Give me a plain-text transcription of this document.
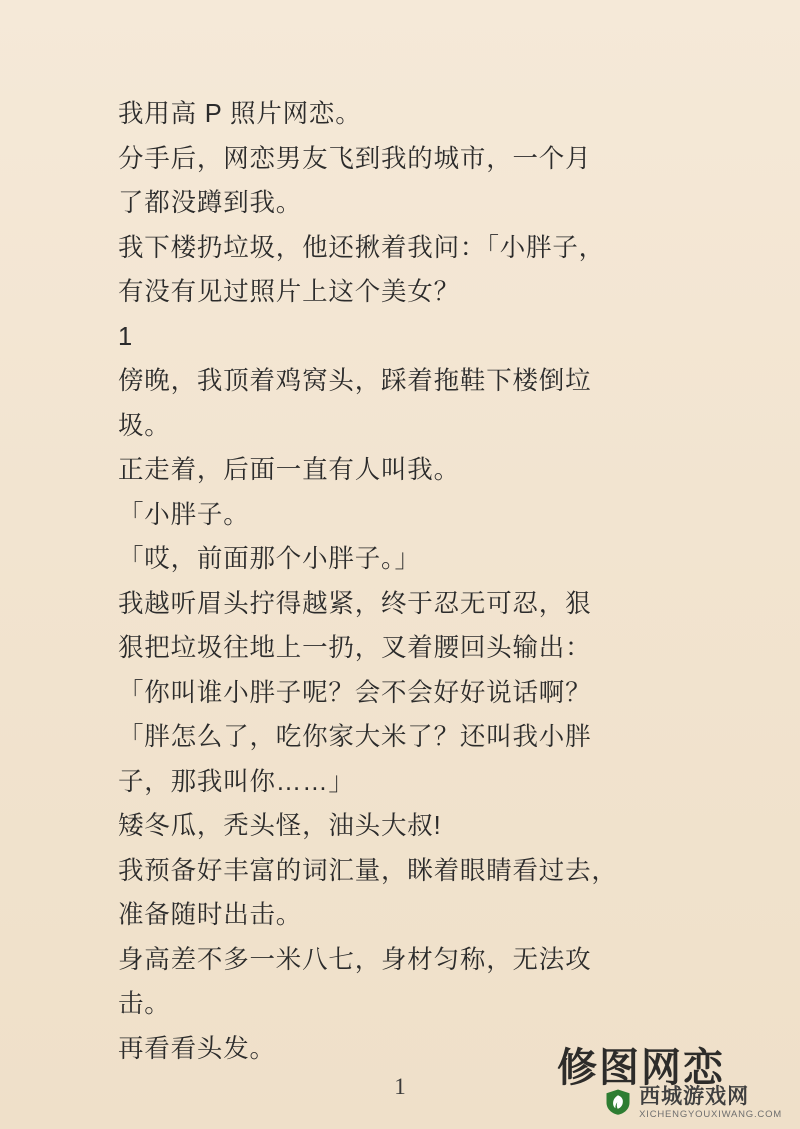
我用高 P 照片网恋。
分手后，网恋男友飞到我的城市，一个月
了都没蹲到我。
我下楼扔垃圾，他还揪着我问：「小胖子，
有没有见过照片上这个美女？
1
傍晚，我顶着鸡窝头，踩着拖鞋下楼倒垃
圾。
正走着，后面一直有人叫我。
「小胖子。
「哎，前面那个小胖子。」
我越听眉头拧得越紧，终于忍无可忍，狠
狠把垃圾往地上一扔，叉着腰回头输出：
「你叫谁小胖子呢？会不会好好说话啊？
「胖怎么了，吃你家大米了？还叫我小胖
子，那我叫你……」
矮冬瓜，秃头怪，油头大叔!
我预备好丰富的词汇量，眯着眼睛看过去，
准备随时出击。
身高差不多一米八七，身材匀称，无法攻
击。
再看看头发。
1	修图网恋
西城游戏网
XICHENGYOUXIWANG.COM
